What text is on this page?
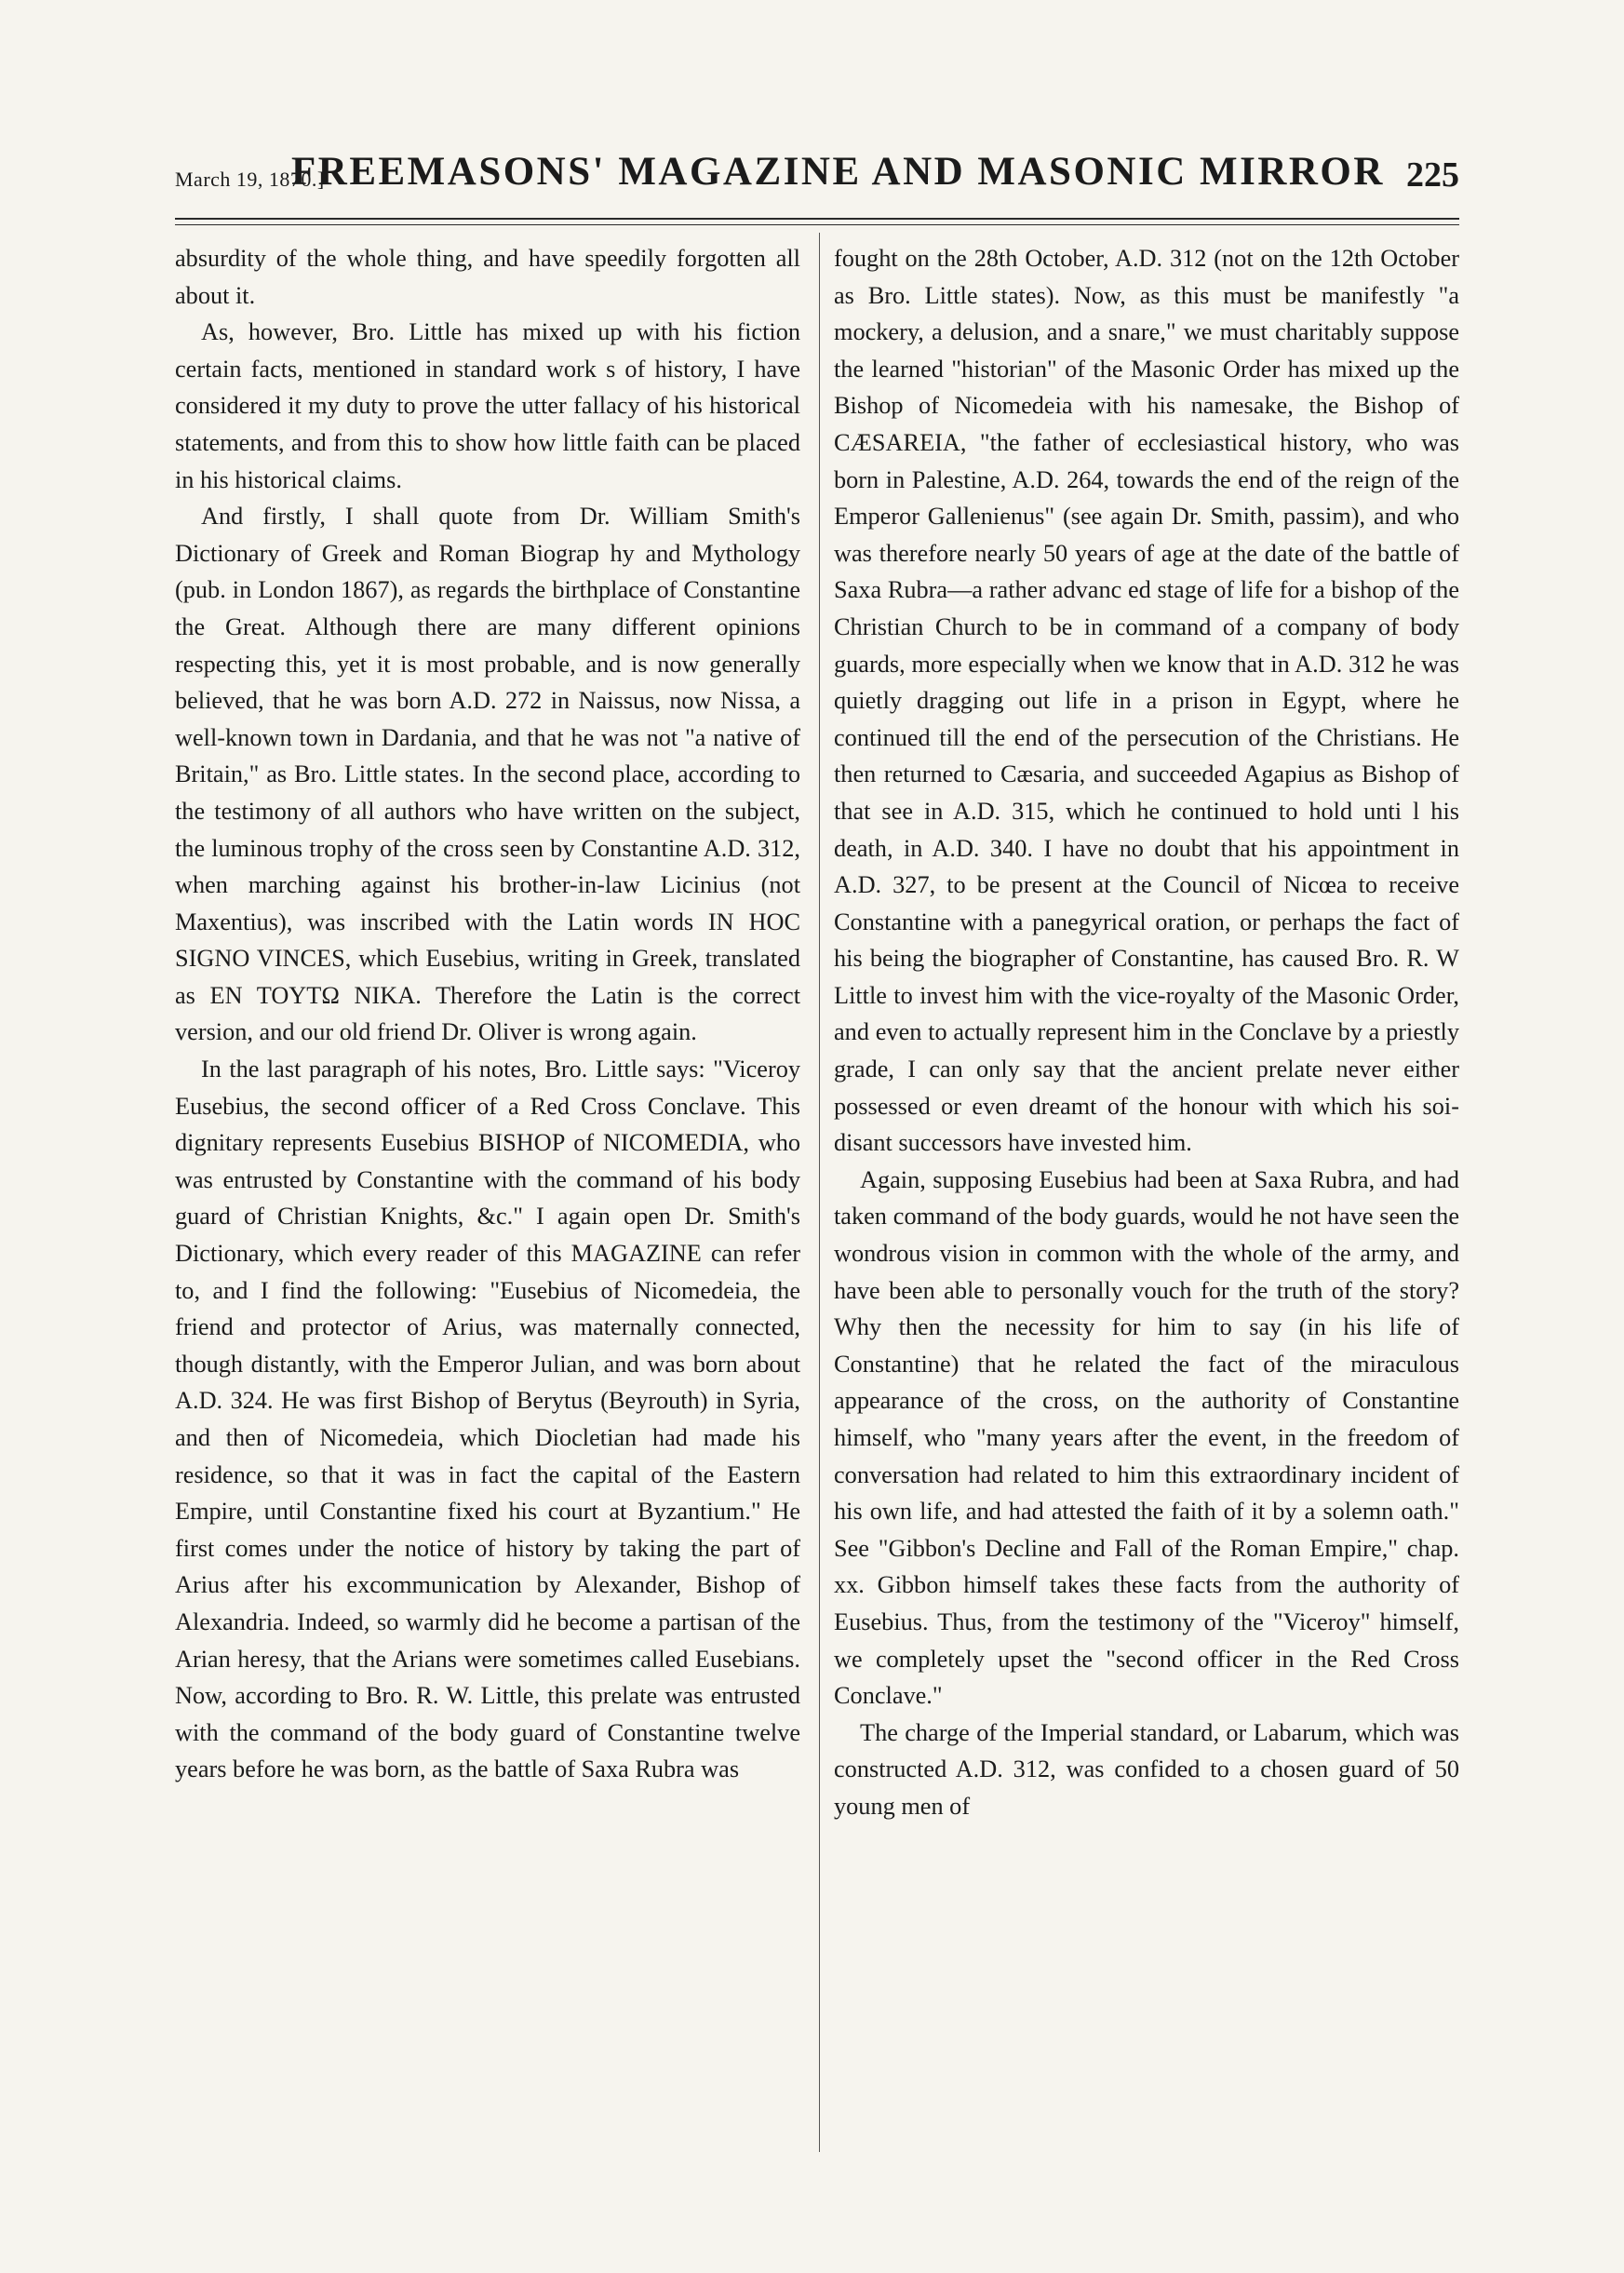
March 19, 1870.]
FREEMASONS' MAGAZINE AND MASONIC MIRROR 225

absurdity of the whole thing, and have speedily forgotten all about it.

As, however, Bro. Little has mixed up with his fiction certain facts, mentioned in standard work s of history, I have considered it my duty to prove the utter fallacy of his historical statements, and from this to show how little faith can be placed in his historical claims.

And firstly, I shall quote from Dr. William Smith's Dictionary of Greek and Roman Biograp hy and Mythology (pub. in London 1867), as regards the birthplace of Constantine the Great. Although there are many different opinions respecting this, yet it is most probable, and is now generally believed, that he was born A.D. 272 in Naissus, now Nissa, a well-known town in Dardania, and that he was not "a native of Britain," as Bro. Little states. In the second place, according to the testimony of all authors who have written on the subject, the luminous trophy of the cross seen by Constantine A.D. 312, when marching against his brother-in-law Licinius (not Maxentius), was inscribed with the Latin words IN HOC SIGNO VINCES, which Eusebius, writing in Greek, translated as EN TOYTΩ NIKA. Therefore the Latin is the correct version, and our old friend Dr. Oliver is wrong again.

In the last paragraph of his notes, Bro. Little says: "Viceroy Eusebius, the second officer of a Red Cross Conclave. This dignitary represents Eusebius BISHOP of NICOMEDIA, who was entrusted by Constantine with the command of his body guard of Christian Knights, &c." I again open Dr. Smith's Dictionary, which every reader of this MAGAZINE can refer to, and I find the following: "Eusebius of Nicomedeia, the friend and protector of Arius, was maternally connected, though distantly, with the Emperor Julian, and was born about A.D. 324. He was first Bishop of Berytus (Beyrouth) in Syria, and then of Nicomedeia, which Diocletian had made his residence, so that it was in fact the capital of the Eastern Empire, until Constantine fixed his court at Byzantium." He first comes under the notice of history by taking the part of Arius after his excommunication by Alexander, Bishop of Alexandria. Indeed, so warmly did he become a partisan of the Arian heresy, that the Arians were sometimes called Eusebians. Now, according to Bro. R. W. Little, this prelate was entrusted with the command of the body guard of Constantine twelve years before he was born, as the battle of Saxa Rubra was

fought on the 28th October, A.D. 312 (not on the 12th October as Bro. Little states). Now, as this must be manifestly "a mockery, a delusion, and a snare," we must charitably suppose the learned "historian" of the Masonic Order has mixed up the Bishop of Nicomedeia with his namesake, the Bishop of CÆSAREIA, "the father of ecclesiastical history, who was born in Palestine, A.D. 264, towards the end of the reign of the Emperor Gallenienus" (see again Dr. Smith, passim), and who was therefore nearly 50 years of age at the date of the battle of Saxa Rubra—a rather advanc ed stage of life for a bishop of the Christian Church to be in command of a company of body guards, more especially when we know that in A.D. 312 he was quietly dragging out life in a prison in Egypt, where he continued till the end of the persecution of the Christians. He then returned to Cæsaria, and succeeded Agapius as Bishop of that see in A.D. 315, which he continued to hold unti l his death, in A.D. 340. I have no doubt that his appointment in A.D. 327, to be present at the Council of Nicœa to receive Constantine with a panegyrical oration, or perhaps the fact of his being the biographer of Constantine, has caused Bro. R. W Little to invest him with the vice-royalty of the Masonic Order, and even to actually represent him in the Conclave by a priestly grade, I can only say that the ancient prelate never either possessed or even dreamt of the honour with which his soi-disant successors have invested him.

Again, supposing Eusebius had been at Saxa Rubra, and had taken command of the body guards, would he not have seen the wondrous vision in common with the whole of the army, and have been able to personally vouch for the truth of the story? Why then the necessity for him to say (in his life of Constantine) that he related the fact of the miraculous appearance of the cross, on the authority of Constantine himself, who "many years after the event, in the freedom of conversation had related to him this extraordinary incident of his own life, and had attested the faith of it by a solemn oath." See "Gibbon's Decline and Fall of the Roman Empire," chap. xx. Gibbon himself takes these facts from the authority of Eusebius. Thus, from the testimony of the "Viceroy" himself, we completely upset the "second officer in the Red Cross Conclave."

The charge of the Imperial standard, or Labarum, which was constructed A.D. 312, was confided to a chosen guard of 50 young men of
